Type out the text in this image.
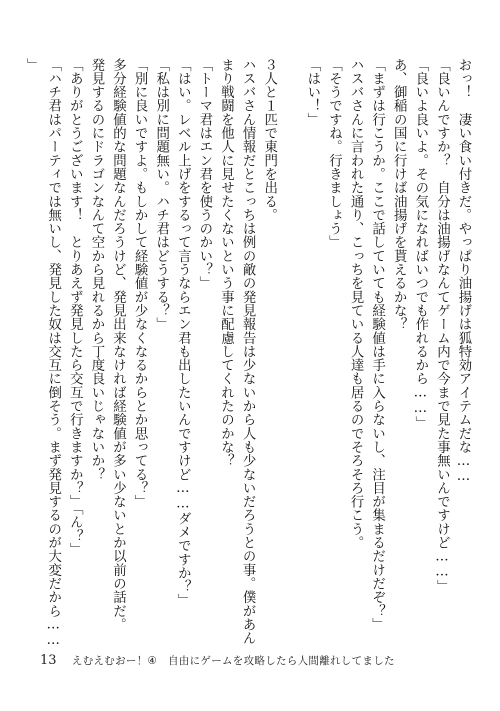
おっ！　凄い食い付きだ。やっぱり油揚げは狐特効アイテムだな……
「良いんですか？　自分は油揚げなんてゲーム内で今まで見た事無いんですけど……」
「良いよ良いよ。その気になればいつでも作れるから……」
あ、御稲の国に行けば油揚げを貰えるかな？
「まずは行こうか。ここで話していても経験値は手に入らないし、注目が集まるだけだぞ？」
ハスバさんに言われた通り、こっちを見ている人達も居るのでそろそろ行こう。
「そうですね。行きましょう」
「はい！」
３人と１匹で東門を出る。
ハスバさん情報だとこっちは例の敵の発見報告は少ないから人も少ないだろうとの事。僕があん
まり戦闘を他人に見せたくないという事に配慮してくれたのかな？
「トーマ君はエン君を使うのかい？」
「はい。レベル上げをするって言うならエン君も出したいんですけど……ダメですか？」
「私は別に問題無い。ハチ君はどうする？」
「別に良いですよ。もしかして経験値が少なくなるからとか思ってる？」
多分経験値的な問題なんだろうけど、発見出来なければ経験値が多い少ないとか以前の話だ。
発見するのにドラゴンなんて空から見れるから丁度良いじゃないか？
「ありがとうございます！　とりあえず発見したら交互で行きますか？」「ん？」
「ハチ君はパーティでは無いし、発見した奴は交互に倒そう。まず発見するのが大変だから……
」
13 えむえむおー！④　自由にゲームを攻略したら人間離れしてました
